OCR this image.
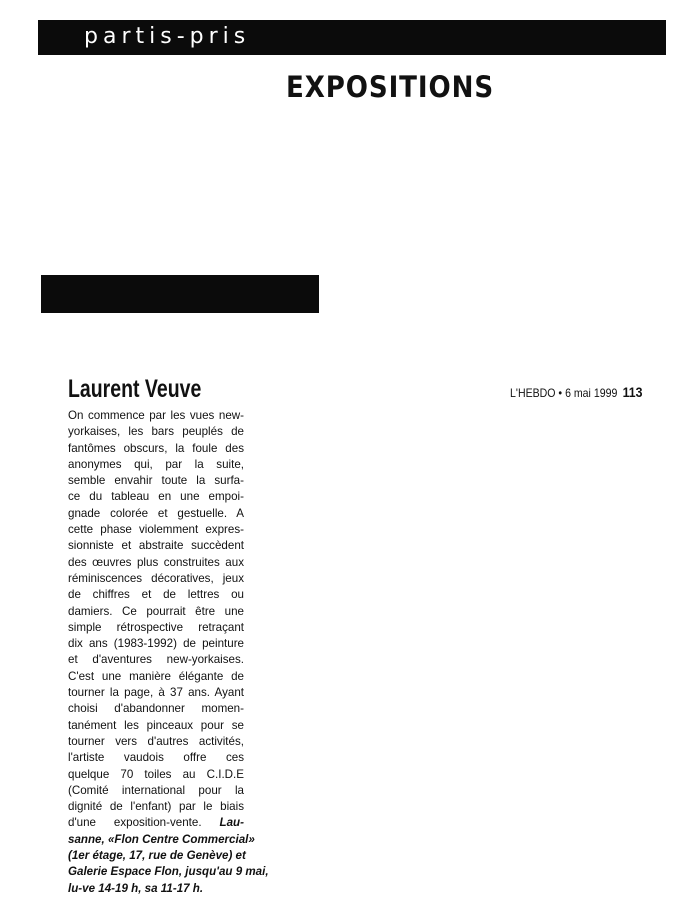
partis-pris
EXPOSITIONS
Laurent Veuve	L'HEBDO • 6 mai 1999 113
On commence par les vues new-
yorkaises, les bars peuplés de
fantômes obscurs, la foule des
anonymes qui, par la suite,
semble envahir toute la surfa-
ce du tableau en une empoi-
gnade colorée et gestuelle. A
cette phase violemment expres-
sionniste et abstraite succèdent
des œuvres plus construites aux
réminiscences décoratives, jeux
de chiffres et de lettres ou
damiers. Ce pourrait être une
simple rétrospective retraçant
dix ans (1983-1992) de peinture
et d'aventures new-yorkaises.
C'est une manière élégante de
tourner la page, à 37 ans. Ayant
choisi d'abandonner momen-
tanément les pinceaux pour se
tourner vers d'autres activités,
l'artiste vaudois offre ces
quelque 70 toiles au C.I.D.E
(Comité international pour la
dignité de l'enfant) par le biais
d'une exposition-vente. Lau-
sanne, «Flon Centre Commercial»
(1er étage, 17, rue de Genève) et
Galerie Espace Flon, jusqu'au 9 mai,
lu-ve 14-19 h, sa 11-17 h.
